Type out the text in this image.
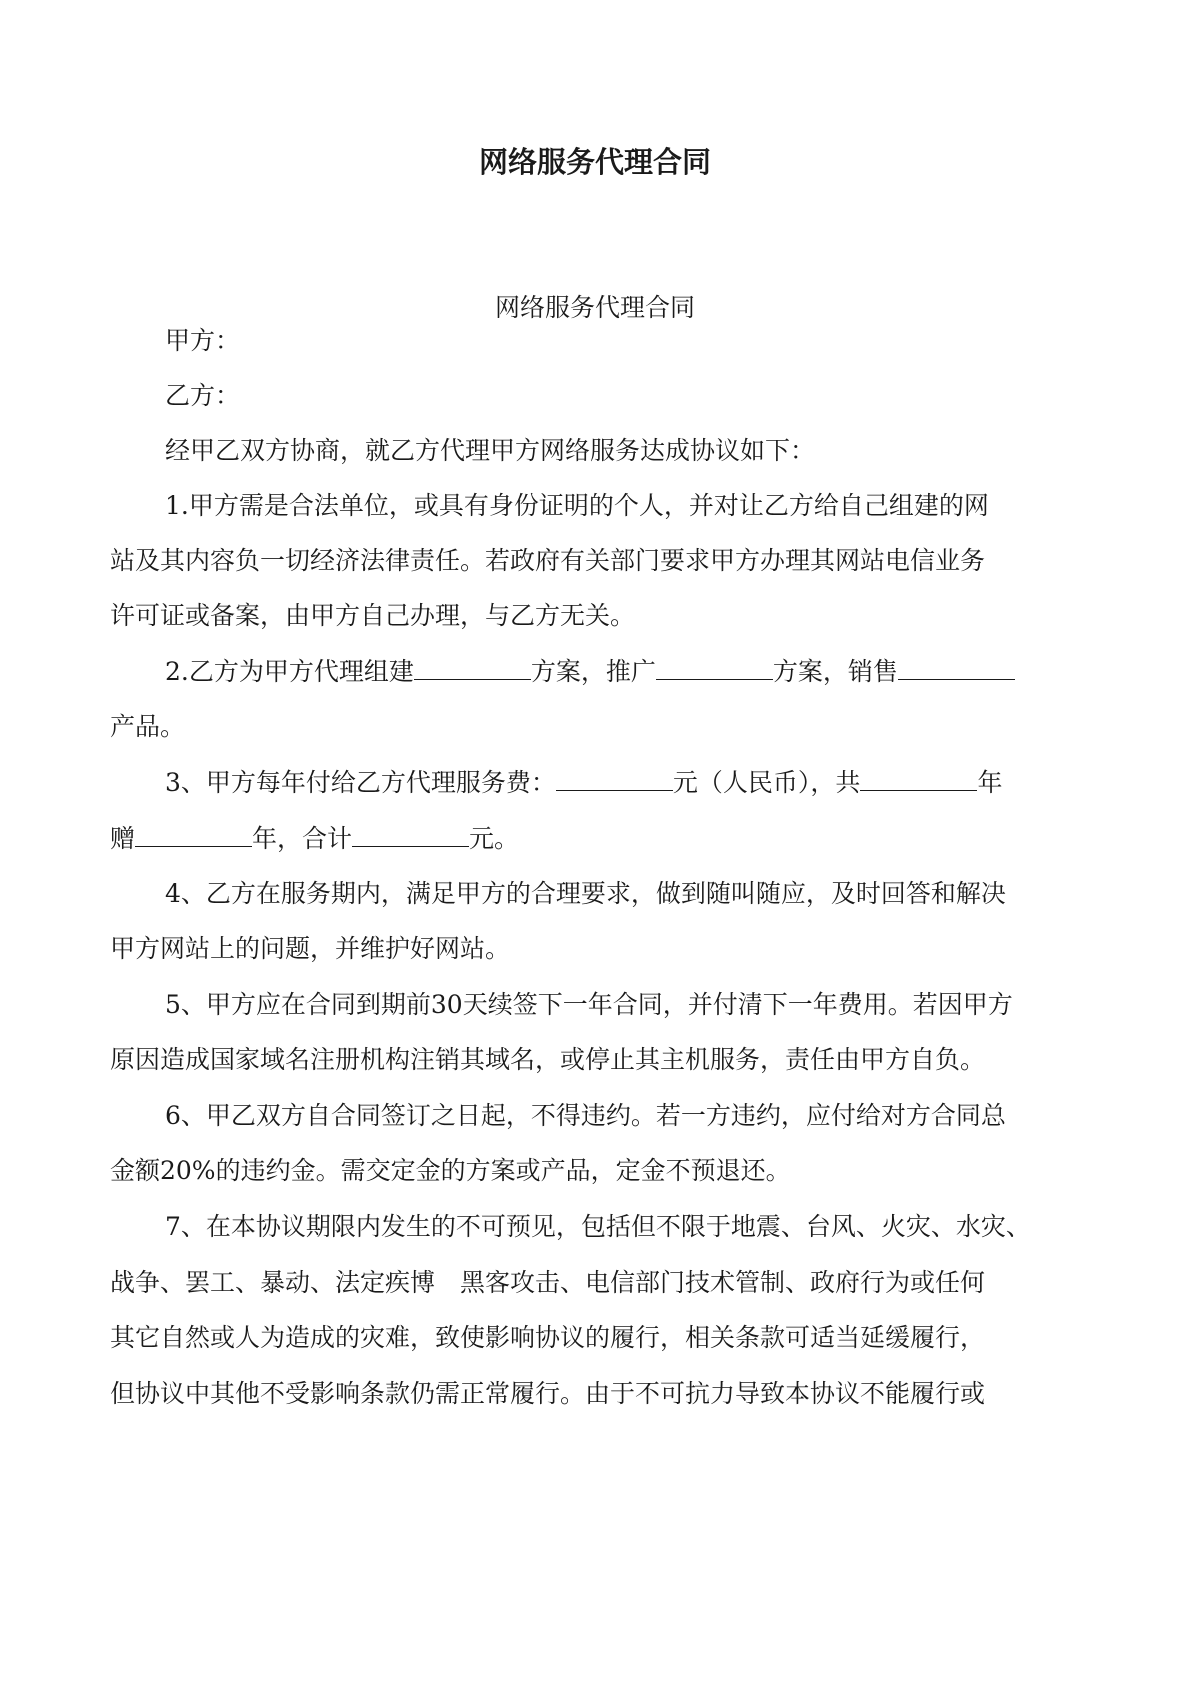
网络服务代理合同
网络服务代理合同

甲方：

乙方：

经甲乙双方协商，就乙方代理甲方网络服务达成协议如下：

1.甲方需是合法单位，或具有身份证明的个人，并对让乙方给自己组建的网

站及其内容负一切经济法律责任。若政府有关部门要求甲方办理其网站电信业务

许可证或备案，由甲方自己办理，与乙方无关。

2.乙方为甲方代理组建	方案，推广	方案，销售

产品。

3、甲方每年付给乙方代理服务费：	元（人民币），共	年

赠	年，合计	元。

4、乙方在服务期内，满足甲方的合理要求，做到随叫随应，及时回答和解决

甲方网站上的问题，并维护好网站。

5、甲方应在合同到期前30天续签下一年合同，并付清下一年费用。若因甲方

原因造成国家域名注册机构注销其域名，或停止其主机服务，责任由甲方自负。

6、甲乙双方自合同签订之日起，不得违约。若一方违约，应付给对方合同总

金额20%的违约金。需交定金的方案或产品，定金不预退还。

7、在本协议期限内发生的不可预见，包括但不限于地震、台风、火灾、水灾、

战争、罢工、暴动、法定疾博　黑客攻击、电信部门技术管制、政府行为或任何

其它自然或人为造成的灾难，致使影响协议的履行，相关条款可适当延缓履行，

但协议中其他不受影响条款仍需正常履行。由于不可抗力导致本协议不能履行或
